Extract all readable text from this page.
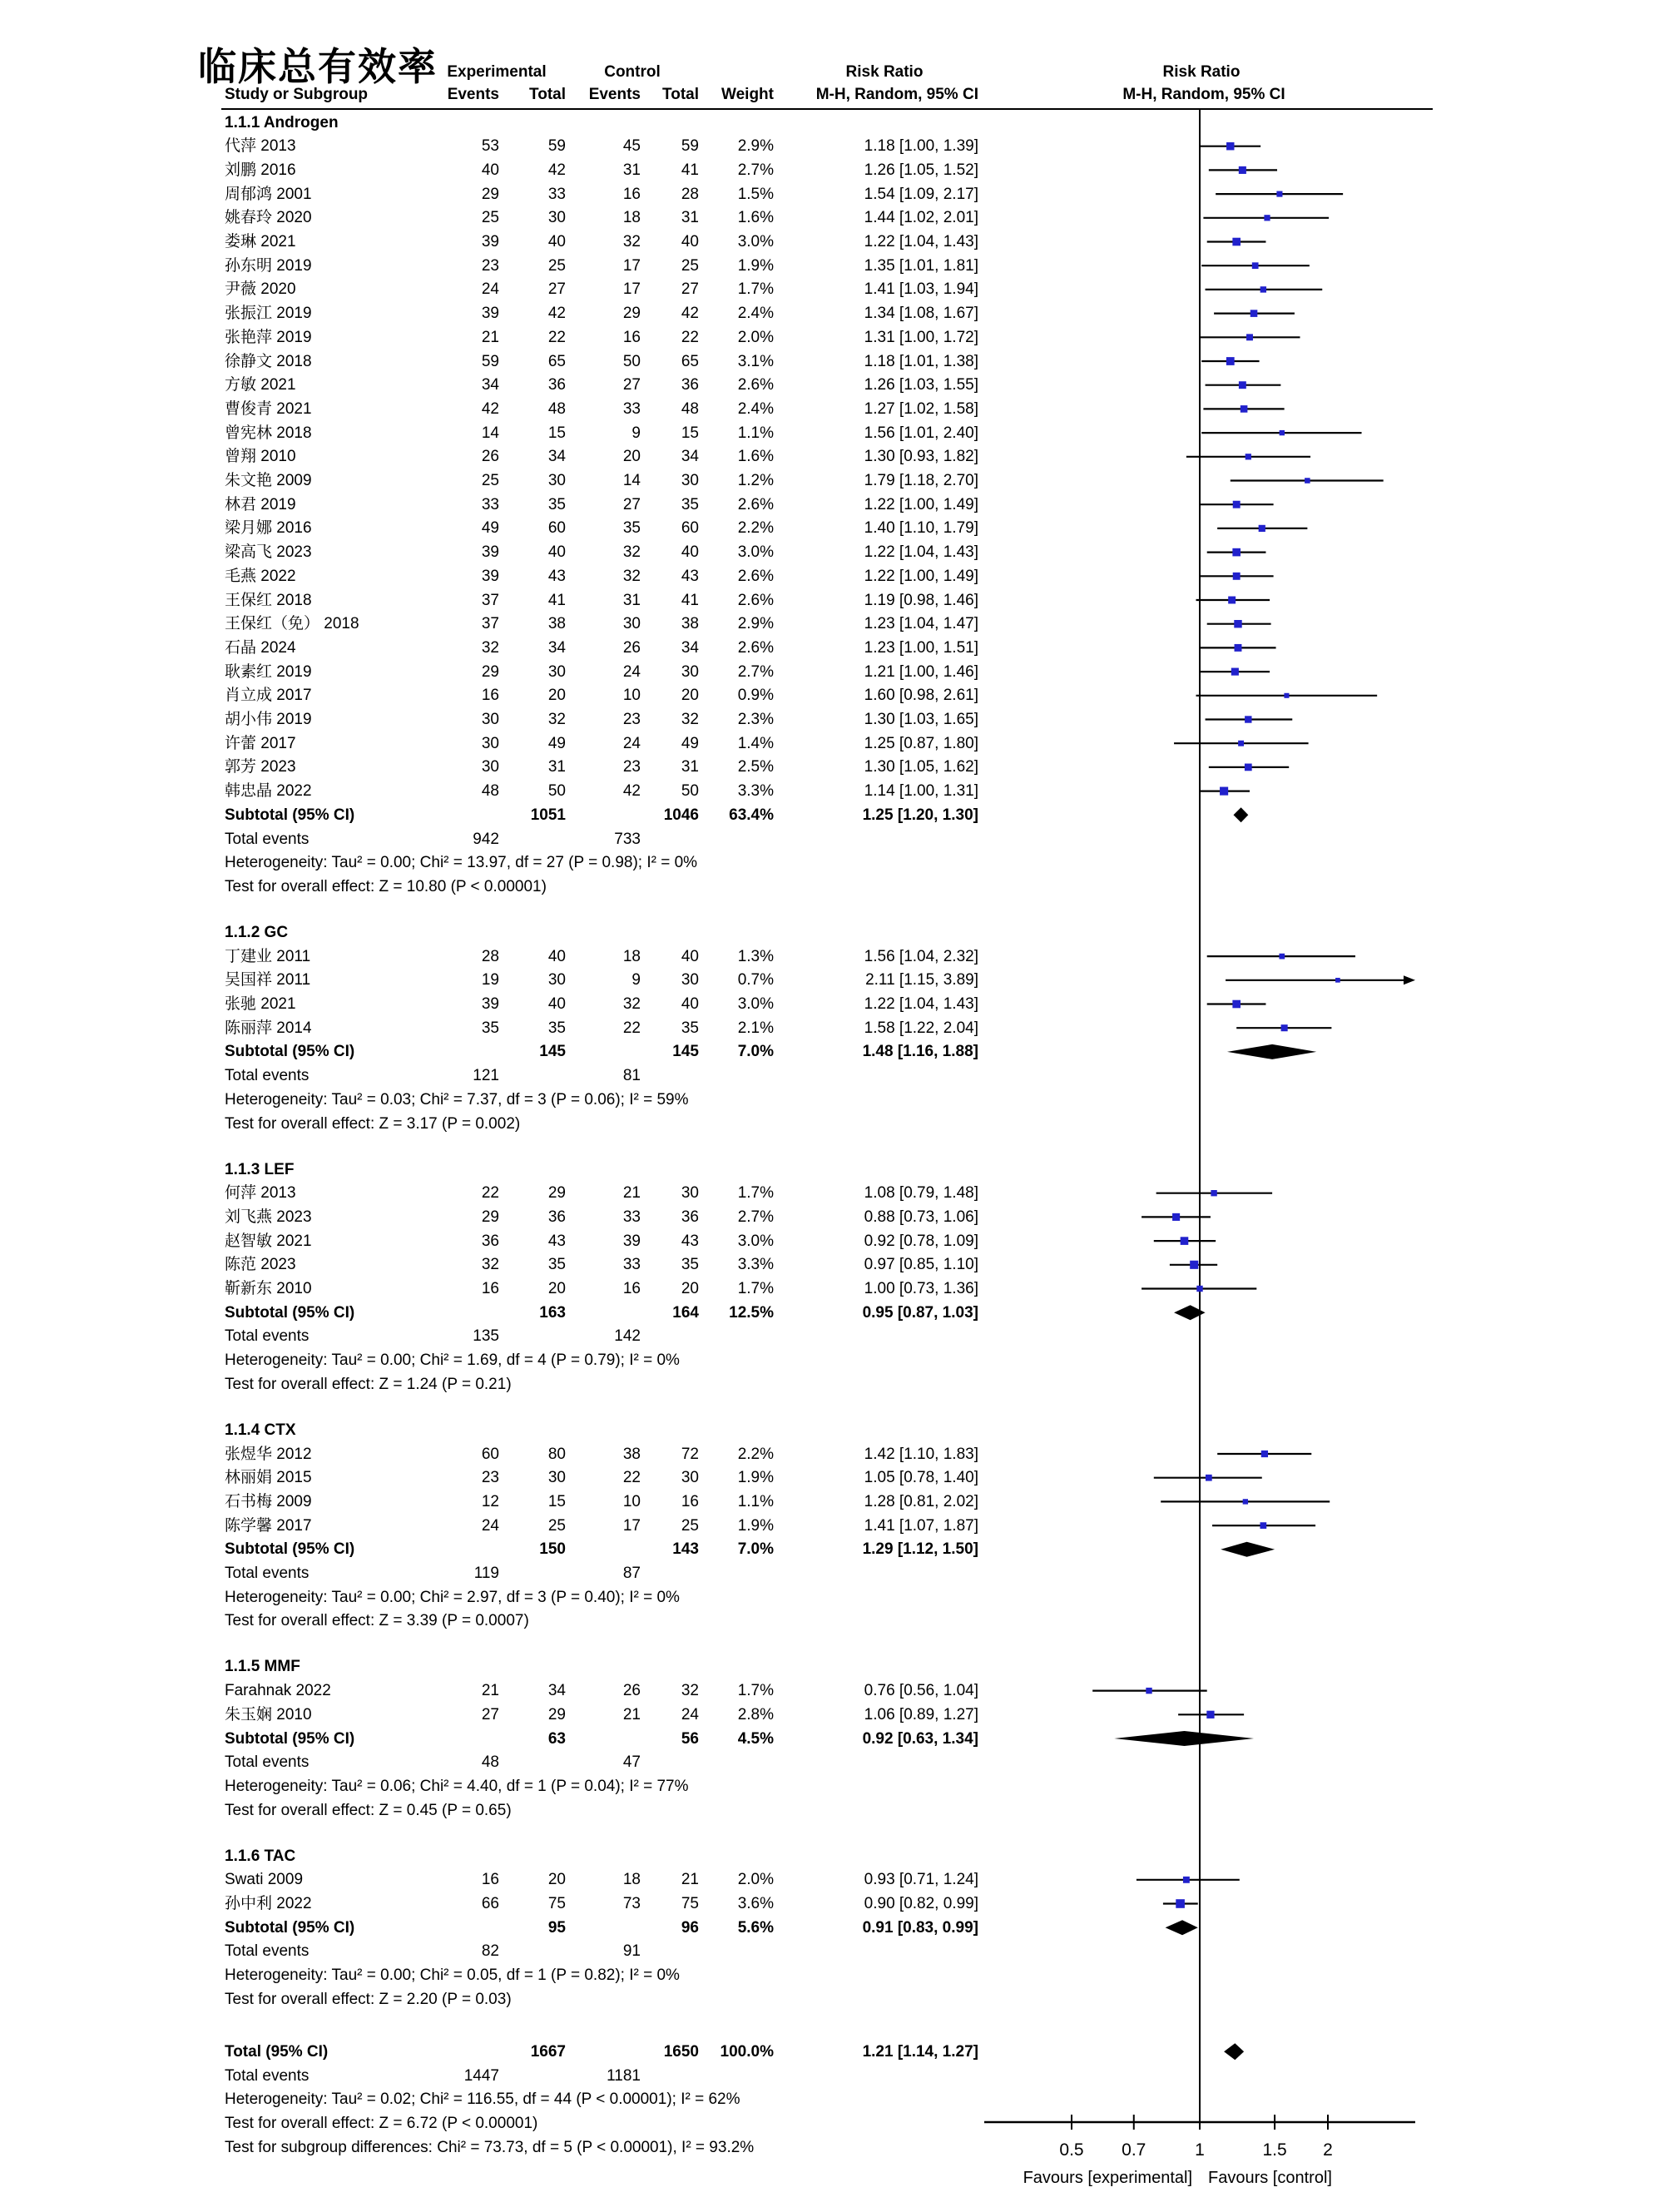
临床总有效率 Experimental	Control	Risk Ratio	Risk Ratio
Study or Subgroup	Events Total Events Total Weight	M-H, Random, 95% CI	M-H, Random, 95% CI
1.1.1 Androgen
代萍 2013	53	59	45	59 2.9%	1.18 [1.00, 1.39]
刘鹏 2016	40	42	31	41 2.7%	1.26 [1.05, 1.52]
周郁鸿 2001	29	33	16	28 1.5%	1.54 [1.09, 2.17]
姚春玲 2020	25	30	18	31 1.6%	1.44 [1.02, 2.01]
娄琳 2021	39	40	32	40 3.0%	1.22 [1.04, 1.43]
孙东明 2019	23	25	17	25 1.9%	1.35 [1.01, 1.81]
尹薇 2020	24	27	17	27 1.7%	1.41 [1.03, 1.94]
张振江 2019	39	42	29	42 2.4%	1.34 [1.08, 1.67]
张艳萍 2019	21	22	16	22 2.0%	1.31 [1.00, 1.72]
徐静文 2018	59	65	50	65 3.1%	1.18 [1.01, 1.38]
方敏 2021	34	36	27	36 2.6%	1.26 [1.03, 1.55]
曹俊青 2021	42	48	33	48 2.4%	1.27 [1.02, 1.58]
曾宪林 2018	14	15	9	15 1.1%	1.56 [1.01, 2.40]
曾翔 2010	26	34	20	34 1.6%	1.30 [0.93, 1.82]
朱文艳 2009	25	30	14	30 1.2%	1.79 [1.18, 2.70]
林君 2019	33	35	27	35 2.6%	1.22 [1.00, 1.49]
梁月娜 2016	49	60	35	60 2.2%	1.40 [1.10, 1.79]
梁高飞 2023	39	40	32	40 3.0%	1.22 [1.04, 1.43]
毛燕 2022	39	43	32	43 2.6%	1.22 [1.00, 1.49]
王保红 2018	37	41	31	41 2.6%	1.19 [0.98, 1.46]
王保红（免） 2018	37	38	30	38 2.9%	1.23 [1.04, 1.47]
石晶 2024	32	34	26	34 2.6%	1.23 [1.00, 1.51]
耿素红 2019	29	30	24	30 2.7%	1.21 [1.00, 1.46]
肖立成 2017	16	20	10	20 0.9%	1.60 [0.98, 2.61]
胡小伟 2019	30	32	23	32 2.3%	1.30 [1.03, 1.65]
许蕾 2017	30	49	24	49 1.4%	1.25 [0.87, 1.80]
郭芳 2023	30	31	23	31 2.5%	1.30 [1.05, 1.62]
韩忠晶 2022	48	50	42	50 3.3%	1.14 [1.00, 1.31]
Subtotal (95% CI)	1051	1046 63.4%	1.25 [1.20, 1.30]
Total events	942	733
Heterogeneity: Tau² = 0.00; Chi² = 13.97, df = 27 (P = 0.98); I² = 0%
Test for overall effect: Z = 10.80 (P < 0.00001)
1.1.2 GC
丁建业 2011	28	40	18	40 1.3%	1.56 [1.04, 2.32]
吴国祥 2011	19	30	9	30 0.7%	2.11 [1.15, 3.89]
张驰 2021	39	40	32	40 3.0%	1.22 [1.04, 1.43]
陈丽萍 2014	35	35	22	35 2.1%	1.58 [1.22, 2.04]
Subtotal (95% CI)	145	145 7.0%	1.48 [1.16, 1.88]
Total events	121	81
Heterogeneity: Tau² = 0.03; Chi² = 7.37, df = 3 (P = 0.06); I² = 59%
Test for overall effect: Z = 3.17 (P = 0.002)
1.1.3 LEF
何萍 2013	22	29	21	30 1.7%	1.08 [0.79, 1.48]
刘飞燕 2023	29	36	33	36 2.7%	0.88 [0.73, 1.06]
赵智敏 2021	36	43	39	43 3.0%	0.92 [0.78, 1.09]
陈范 2023	32	35	33	35 3.3%	0.97 [0.85, 1.10]
靳新东 2010	16	20	16	20 1.7%	1.00 [0.73, 1.36]
Subtotal (95% CI)	163	164 12.5%	0.95 [0.87, 1.03]
Total events	135	142
Heterogeneity: Tau² = 0.00; Chi² = 1.69, df = 4 (P = 0.79); I² = 0%
Test for overall effect: Z = 1.24 (P = 0.21)
1.1.4 CTX
张煜华 2012	60	80	38	72 2.2%	1.42 [1.10, 1.83]
林丽娟 2015	23	30	22	30 1.9%	1.05 [0.78, 1.40]
石书梅 2009	12	15	10	16 1.1%	1.28 [0.81, 2.02]
陈学馨 2017	24	25	17	25 1.9%	1.41 [1.07, 1.87]
Subtotal (95% CI)	150	143 7.0%	1.29 [1.12, 1.50]
Total events	119	87
Heterogeneity: Tau² = 0.00; Chi² = 2.97, df = 3 (P = 0.40); I² = 0%
Test for overall effect: Z = 3.39 (P = 0.0007)
1.1.5 MMF
Farahnak 2022	21	34	26	32 1.7%	0.76 [0.56, 1.04]
朱玉娴 2010	27	29	21	24 2.8%	1.06 [0.89, 1.27]
Subtotal (95% CI)	63	56 4.5%	0.92 [0.63, 1.34]
Total events	48	47
Heterogeneity: Tau² = 0.06; Chi² = 4.40, df = 1 (P = 0.04); I² = 77%
Test for overall effect: Z = 0.45 (P = 0.65)
1.1.6 TAC
Swati 2009	16	20	18	21 2.0%	0.93 [0.71, 1.24]
孙中利 2022	66	75	73	75 3.6%	0.90 [0.82, 0.99]
Subtotal (95% CI)	95	96 5.6%	0.91 [0.83, 0.99]
Total events	82	91
Heterogeneity: Tau² = 0.00; Chi² = 0.05, df = 1 (P = 0.82); I² = 0%
Test for overall effect: Z = 2.20 (P = 0.03)
Total (95% CI)	1667	1650 100.0%	1.21 [1.14, 1.27]
Total events	1447	1181
Heterogeneity: Tau² = 0.02; Chi² = 116.55, df = 44 (P < 0.00001); I² = 62%
Test for overall effect: Z = 6.72 (P < 0.00001)
Test for subgroup differences: Chi² = 73.73, df = 5 (P < 0.00001), I² = 93.2%	0.5 0.7	1	1.5 2
Favours [experimental] Favours [control]
